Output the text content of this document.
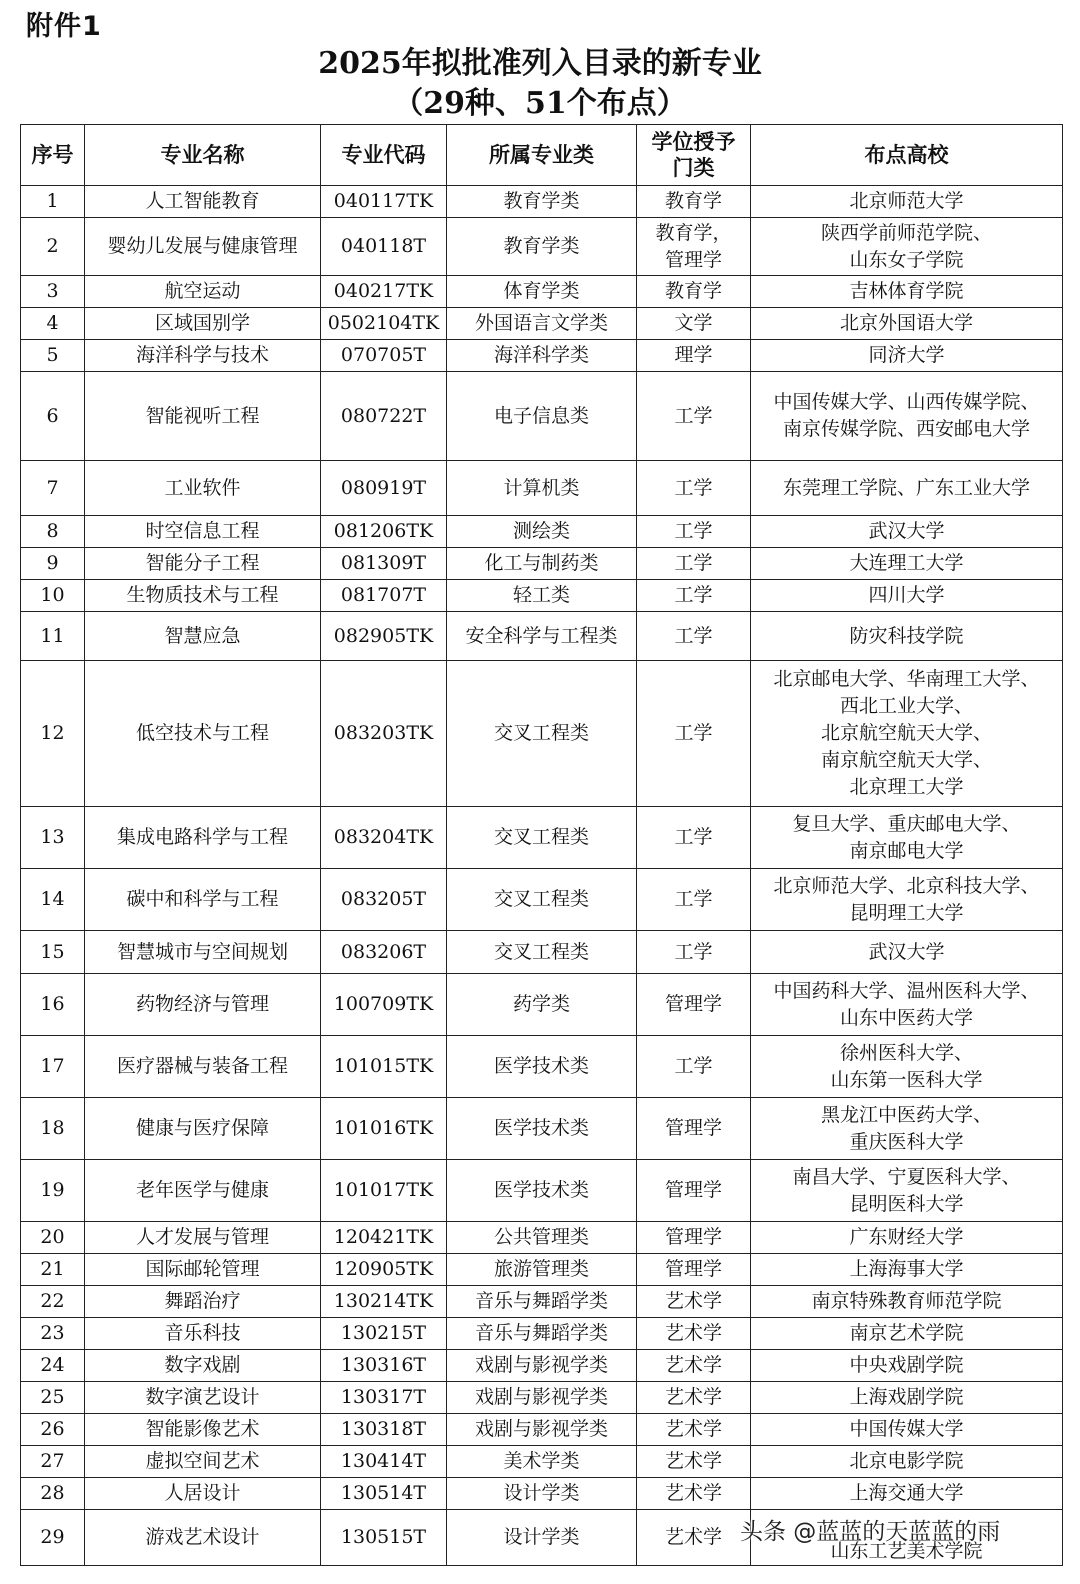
附件1
2025年拟批准列入目录的新专业
（29种、51个布点）
序号	专业名称	专业代码	所属专业类	学位授予门类	布点高校
1	人工智能教育	040117TK	教育学类	教育学	北京师范大学
2	婴幼儿发展与健康管理	040118T	教育学类	教育学，
管理学	陕西学前师范学院、
山东女子学院
3	航空运动	040217TK	体育学类	教育学	吉林体育学院
4	区域国别学	0502104TK	外国语言文学类	文学	北京外国语大学
5	海洋科学与技术	070705T	海洋科学类	理学	同济大学
6	智能视听工程	080722T	电子信息类	工学	中国传媒大学、山西传媒学院、
南京传媒学院、西安邮电大学
7	工业软件	080919T	计算机类	工学	东莞理工学院、广东工业大学
8	时空信息工程	081206TK	测绘类	工学	武汉大学
9	智能分子工程	081309T	化工与制药类	工学	大连理工大学
10	生物质技术与工程	081707T	轻工类	工学	四川大学
11	智慧应急	082905TK	安全科学与工程类	工学	防灾科技学院
12	低空技术与工程	083203TK	交叉工程类	工学	北京邮电大学、华南理工大学、
西北工业大学、
北京航空航天大学、
南京航空航天大学、
北京理工大学
13	集成电路科学与工程	083204TK	交叉工程类	工学	复旦大学、重庆邮电大学、
南京邮电大学
14	碳中和科学与工程	083205T	交叉工程类	工学	北京师范大学、北京科技大学、
昆明理工大学
15	智慧城市与空间规划	083206T	交叉工程类	工学	武汉大学
16	药物经济与管理	100709TK	药学类	管理学	中国药科大学、温州医科大学、
山东中医药大学
17	医疗器械与装备工程	101015TK	医学技术类	工学	徐州医科大学、
山东第一医科大学
18	健康与医疗保障	101016TK	医学技术类	管理学	黑龙江中医药大学、
重庆医科大学
19	老年医学与健康	101017TK	医学技术类	管理学	南昌大学、宁夏医科大学、
昆明医科大学
20	人才发展与管理	120421TK	公共管理类	管理学	广东财经大学
21	国际邮轮管理	120905TK	旅游管理类	管理学	上海海事大学
22	舞蹈治疗	130214TK	音乐与舞蹈学类	艺术学	南京特殊教育师范学院
23	音乐科技	130215T	音乐与舞蹈学类	艺术学	南京艺术学院
24	数字戏剧	130316T	戏剧与影视学类	艺术学	中央戏剧学院
25	数字演艺设计	130317T	戏剧与影视学类	艺术学	上海戏剧学院
26	智能影像艺术	130318T	戏剧与影视学类	艺术学	中国传媒大学
27	虚拟空间艺术	130414T	美术学类	艺术学	北京电影学院
28	人居设计	130514T	设计学类	艺术学	上海交通大学
29	游戏艺术设计	130515T	设计学类	艺术学	
山东工艺美术学院
头条 @蓝蓝的天蓝蓝的雨
